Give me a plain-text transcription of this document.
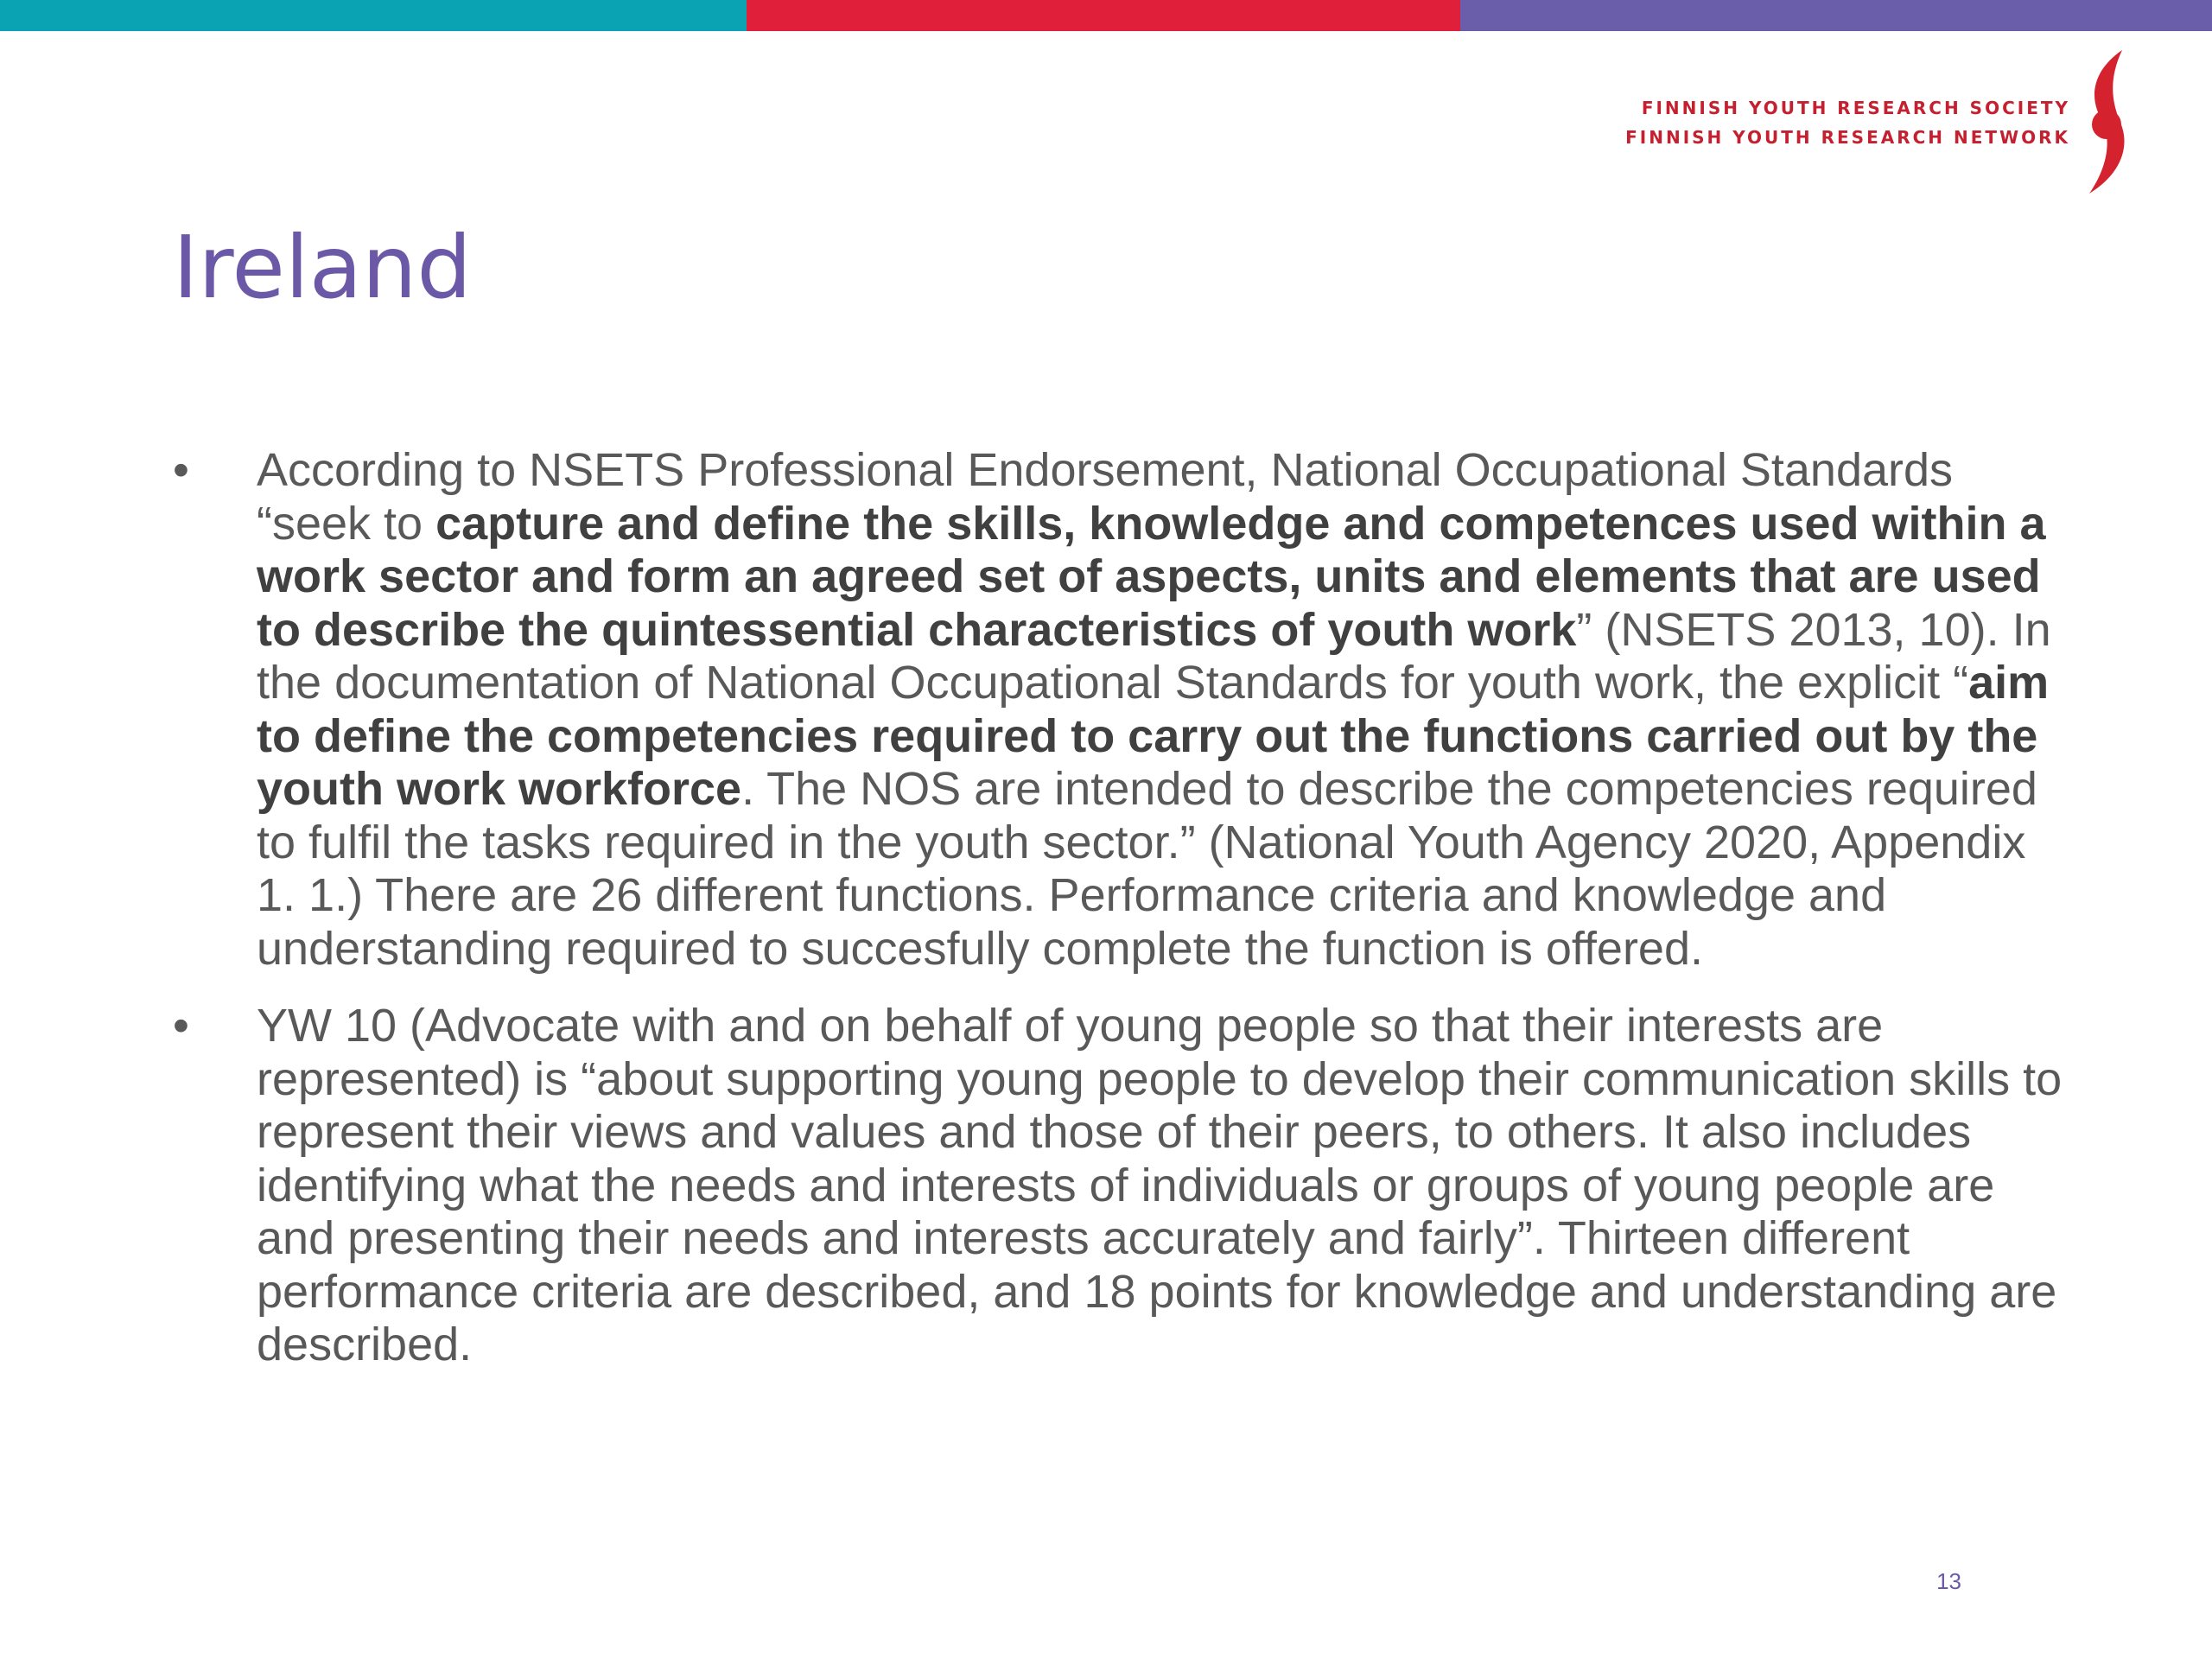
FINNISH YOUTH RESEARCH SOCIETY
FINNISH YOUTH RESEARCH NETWORK
Ireland
•	According to NSETS Professional Endorsement, National Occupational Standards “seek to capture and define the skills, knowledge and competences used within a work sector and form an agreed set of aspects, units and elements that are used to describe the quintessential characteristics of youth work” (NSETS 2013, 10). In the documentation of National Occupational Standards for youth work, the explicit “aim to define the competencies required to carry out the functions carried out by the youth work workforce. The NOS are intended to describe the competencies required to fulfil the tasks required in the youth sector.” (National Youth Agency 2020, Appendix 1. 1.) There are 26 different functions. Performance criteria and knowledge and understanding required to succesfully complete the function is offered.
•	YW 10 (Advocate with and on behalf of young people so that their interests are represented) is “about supporting young people to develop their communication skills to represent their views and values and those of their peers, to others. It also includes identifying what the needs and interests of individuals or groups of young people are and presenting their needs and interests accurately and fairly”. Thirteen different performance criteria are described, and 18 points for knowledge and understanding are described.
13
